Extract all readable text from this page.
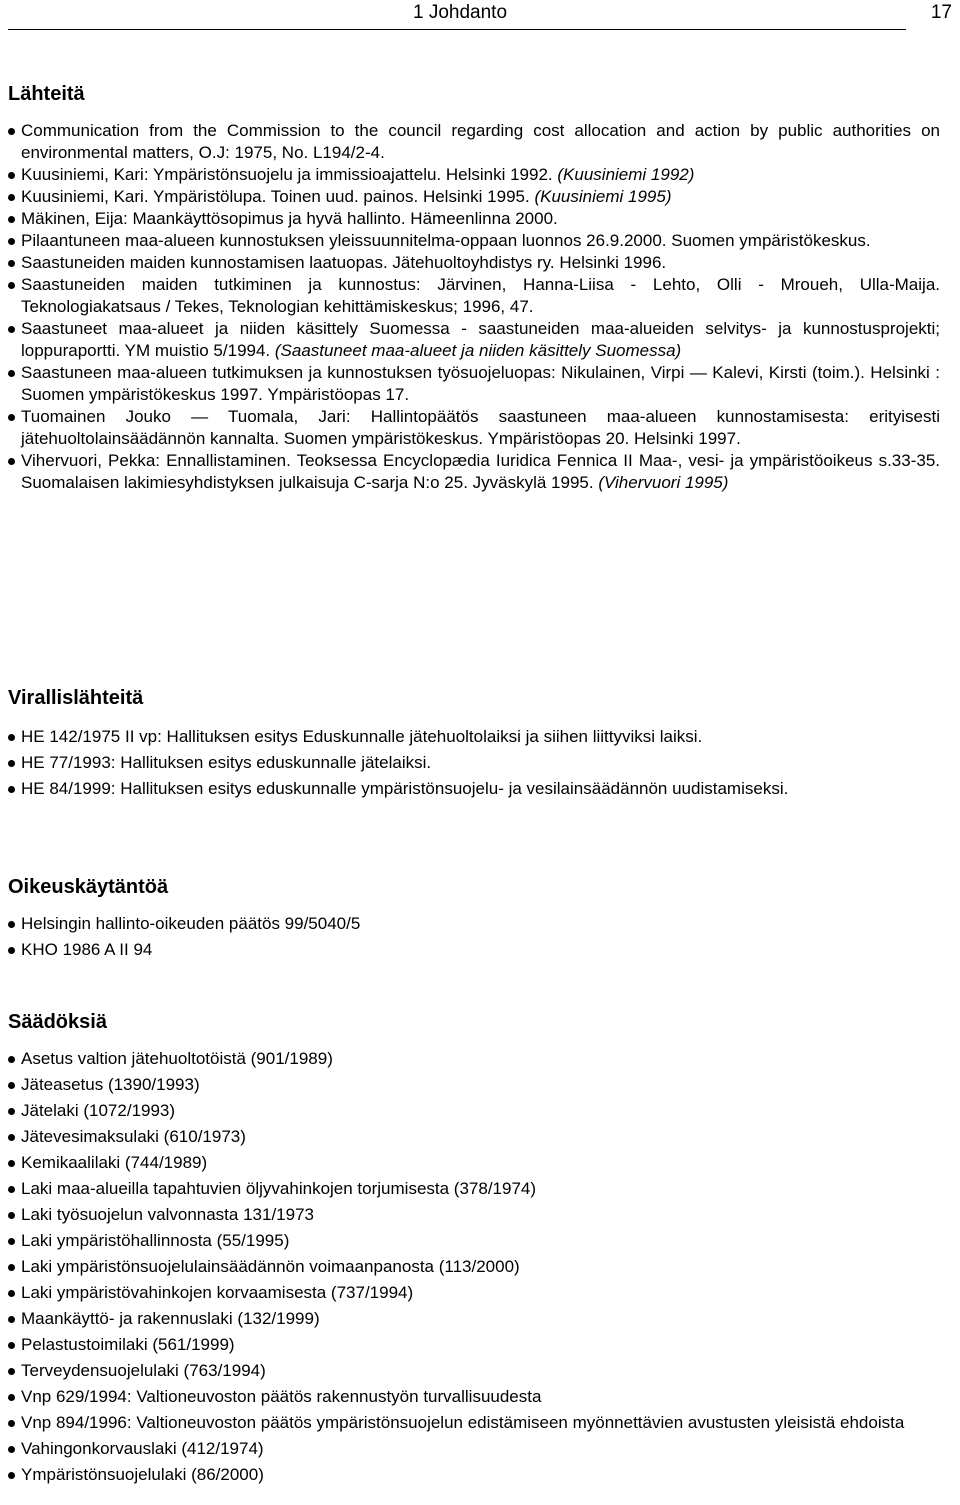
1 Johdanto	17
Lähteitä
Communication from the Commission to the council regarding cost allocation and action by public authorities on environmental matters, O.J: 1975, No. L194/2-4.
Kuusiniemi, Kari: Ympäristönsuojelu ja immissioajattelu. Helsinki 1992. (Kuusiniemi 1992)
Kuusiniemi, Kari. Ympäristölupa. Toinen uud. painos. Helsinki 1995. (Kuusiniemi 1995)
Mäkinen, Eija: Maankäyttösopimus ja hyvä hallinto. Hämeenlinna 2000.
Pilaantuneen maa-alueen kunnostuksen yleissuunnitelma-oppaan luonnos 26.9.2000. Suomen ympäristökeskus.
Saastuneiden maiden kunnostamisen laatuopas. Jätehuoltoyhdistys ry. Helsinki 1996.
Saastuneiden maiden tutkiminen ja kunnostus: Järvinen, Hanna-Liisa - Lehto, Olli - Mroueh, Ulla-Maija. Teknologiakatsaus / Tekes, Teknologian kehittämiskeskus; 1996, 47.
Saastuneet maa-alueet ja niiden käsittely Suomessa - saastuneiden maa-alueiden selvitys- ja kunnostusprojekti; loppuraportti. YM muistio 5/1994. (Saastuneet maa-alueet ja niiden käsittely Suomessa)
Saastuneen maa-alueen tutkimuksen ja kunnostuksen työsuojeluopas: Nikulainen, Virpi — Kalevi, Kirsti (toim.). Helsinki : Suomen ympäristökeskus 1997. Ympäristöopas 17.
Tuomainen Jouko — Tuomala, Jari: Hallintopäätös saastuneen maa-alueen kunnostamisesta: erityisesti jätehuoltolainsäädännön kannalta. Suomen ympäristökeskus. Ympäristöopas 20. Helsinki 1997.
Vihervuori, Pekka: Ennallistaminen. Teoksessa Encyclopædia Iuridica Fennica II Maa-, vesi- ja ympäristöoikeus s.33-35. Suomalaisen lakimiesyhdistyksen julkaisuja C-sarja N:o 25. Jyväskylä 1995. (Vihervuori 1995)
Virallislähteitä
HE 142/1975 II vp: Hallituksen esitys Eduskunnalle jätehuoltolaiksi ja siihen liittyviksi laiksi.
HE 77/1993: Hallituksen esitys eduskunnalle jätelaiksi.
HE 84/1999: Hallituksen esitys eduskunnalle ympäristönsuojelu- ja vesilainsäädännön uudistamiseksi.
Oikeuskäytäntöä
Helsingin hallinto-oikeuden päätös 99/5040/5
KHO 1986 A II 94
Säädöksiä
Asetus valtion jätehuoltotöistä (901/1989)
Jäteasetus (1390/1993)
Jätelaki (1072/1993)
Jätevesimaksulaki (610/1973)
Kemikaalilaki (744/1989)
Laki maa-alueilla tapahtuvien öljyvahinkojen torjumisesta (378/1974)
Laki työsuojelun valvonnasta 131/1973
Laki ympäristöhallinnosta (55/1995)
Laki ympäristönsuojelulainsäädännön voimaanpanosta (113/2000)
Laki ympäristövahinkojen korvaamisesta (737/1994)
Maankäyttö- ja rakennuslaki (132/1999)
Pelastustoimilaki (561/1999)
Terveydensuojelulaki (763/1994)
Vnp 629/1994: Valtioneuvoston päätös rakennustyön turvallisuudesta
Vnp 894/1996: Valtioneuvoston päätös ympäristönsuojelun edistämiseen myönnettävien avustusten yleisistä ehdoista
Vahingonkorvauslaki (412/1974)
Ympäristönsuojelulaki (86/2000)
